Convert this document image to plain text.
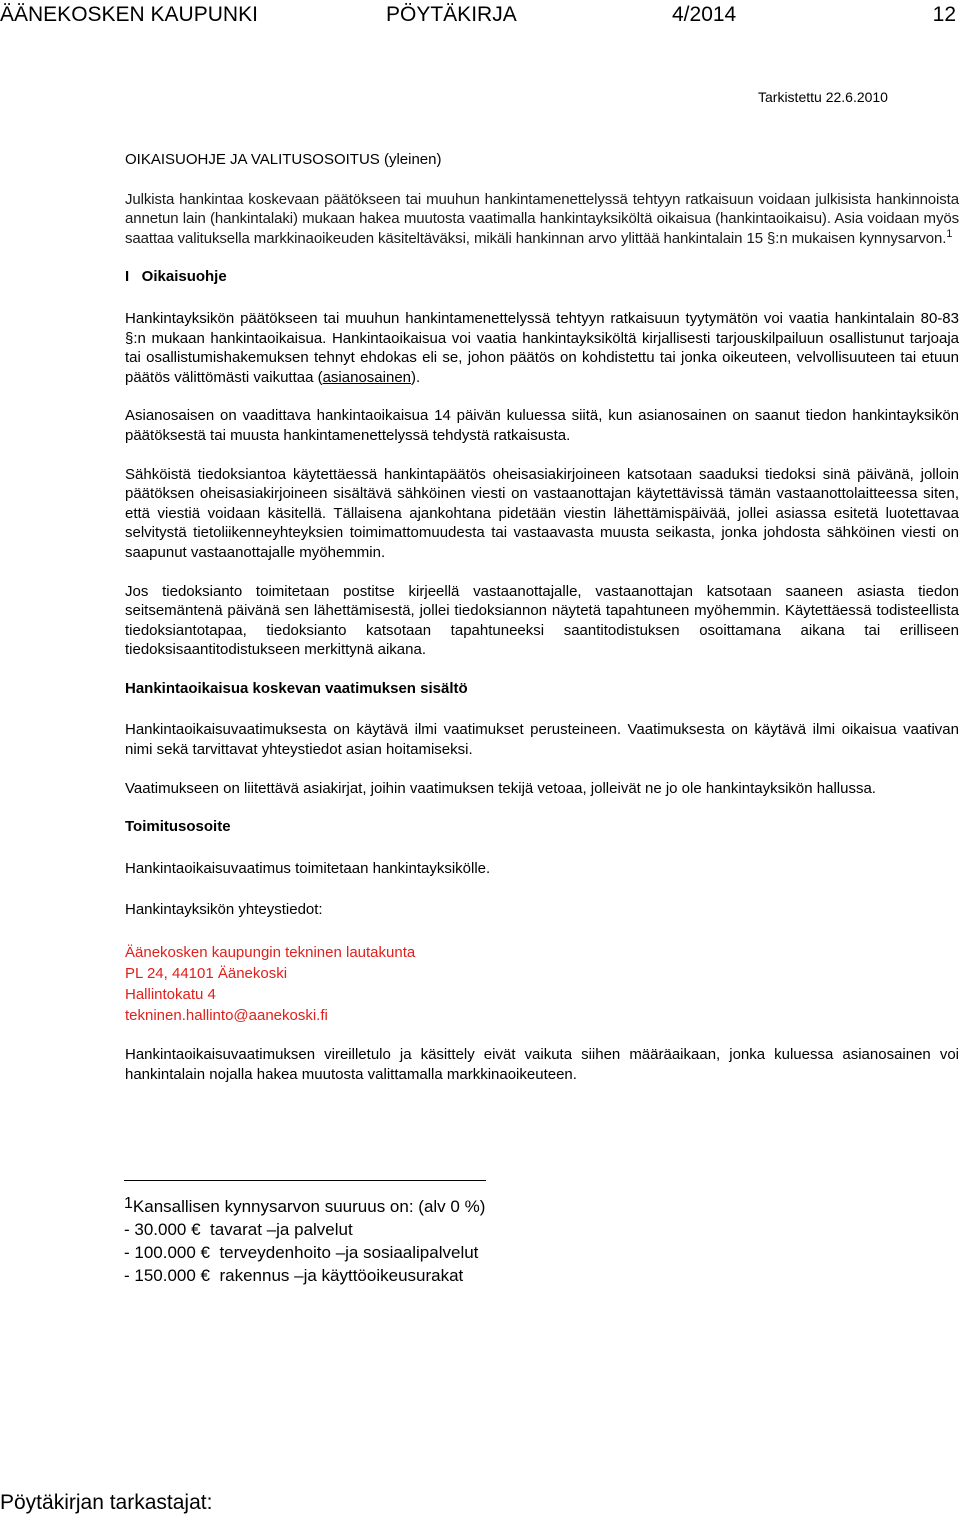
ÄÄNEKOSKEN KAUPUNKI	PÖYTÄKIRJA	4/2014	12
Tarkistettu 22.6.2010

OIKAISUOHJE JA VALITUSOSOITUS (yleinen)

Julkista hankintaa koskevaan päätökseen tai muuhun hankintamenettelyssä tehtyyn ratkaisuun voidaan julkisista hankinnoista annetun lain (hankintalaki) mukaan hakea muutosta vaatimalla hankintayksiköltä oikaisua (hankintaoikaisu). Asia voidaan myös saattaa valituksella markkinaoikeuden käsiteltäväksi, mikäli hankinnan arvo ylittää hankintalain 15 §:n mukaisen kynnysarvon.$^1$

I   Oikaisuohje

Hankintayksikön päätökseen tai muuhun hankintamenettelyssä tehtyyn ratkaisuun tyytymätön voi vaatia hankintalain 80-83 §:n mukaan hankintaoikaisua. Hankintaoikaisua voi vaatia hankintayksiköltä kirjallisesti tarjouskilpailuun osallistunut tarjoaja tai osallistumishakemuksen tehnyt ehdokas eli se, johon päätös on kohdistettu tai jonka oikeuteen, velvollisuuteen tai etuun päätös välittömästi vaikuttaa (asianosainen).

Asianosaisen on vaadittava hankintaoikaisua 14 päivän kuluessa siitä, kun asianosainen on saanut tiedon hankintayksikön päätöksestä tai muusta hankintamenettelyssä tehdystä ratkaisusta.

Sähköistä tiedoksiantoa käytettäessä hankintapäätös oheisasiakirjoineen katsotaan saaduksi tiedoksi sinä päivänä, jolloin päätöksen oheisasiakirjoineen sisältävä sähköinen viesti on vastaanottajan käytettävissä tämän vastaanottolaitteessa siten, että viestiä voidaan käsitellä. Tällaisena ajankohtana pidetään viestin lähettämispäivää, jollei asiassa esitetä luotettavaa selvitystä tietoliikenneyhteyksien toimimattomuudesta tai vastaavasta muusta seikasta, jonka johdosta sähköinen viesti on saapunut vastaanottajalle myöhemmin.

Jos tiedoksianto toimitetaan postitse kirjeellä vastaanottajalle, vastaanottajan katsotaan saaneen asiasta tiedon seitsemäntenä päivänä sen lähettämisestä, jollei tiedoksiannon näytetä tapahtuneen myöhemmin. Käytettäessä todisteellista tiedoksiantotapaa, tiedoksianto katsotaan tapahtuneeksi saantitodistuksen osoittamana aikana tai erilliseen tiedoksisaantitodistukseen merkittynä aikana.

Hankintaoikaisua koskevan vaatimuksen sisältö

Hankintaoikaisuvaatimuksesta on käytävä ilmi vaatimukset perusteineen. Vaatimuksesta on käytävä ilmi oikaisua vaativan nimi sekä tarvittavat yhteystiedot asian hoitamiseksi.

Vaatimukseen on liitettävä asiakirjat, joihin vaatimuksen tekijä vetoaa, jolleivät ne jo ole hankintayksikön hallussa.

Toimitusosoite

Hankintaoikaisuvaatimus toimitetaan hankintayksikölle.

Hankintayksikön yhteystiedot:

Äänekosken kaupungin tekninen lautakunta
PL 24, 44101 Äänekoski
Hallintokatu 4
tekninen.hallinto@aanekoski.fi

Hankintaoikaisuvaatimuksen vireilletulo ja käsittely eivät vaikuta siihen määräaikaan, jonka kuluessa asianosainen voi hankintalain nojalla hakea muutosta valittamalla markkinaoikeuteen.

1Kansallisen kynnysarvon suuruus on: (alv 0 %)
- 30.000 €  tavarat –ja palvelut
- 100.000 €  terveydenhoito –ja sosiaalipalvelut
- 150.000 €  rakennus –ja käyttöoikeusurakat
Pöytäkirjan tarkastajat:
